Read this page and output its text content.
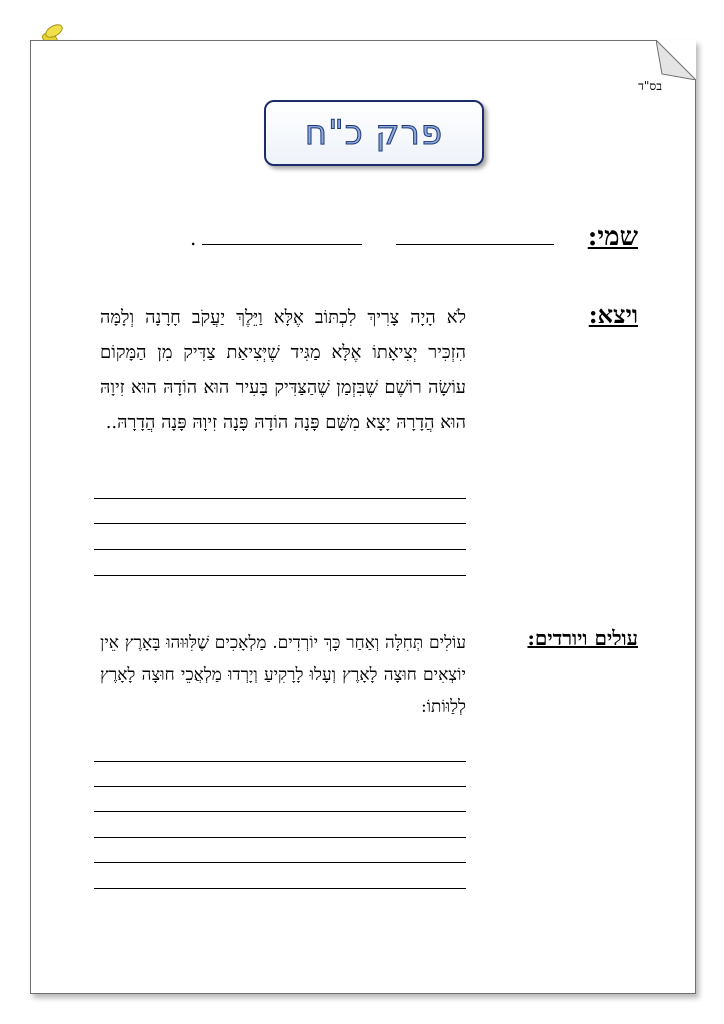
בס"ד
פרק כ"ח
שמי:
.
ויצא:
לֹא הָיָה צָרִיךְ לִכְתּוֹב אֶלָּא וַיֵּלֶךְ יַעֲקֹב חָרָנָה וְלָמָּה הִזְכִּיר יְצִיאָתוֹ אֶלָּא מַגִּיד שֶׁיְּצִיאַת צַדִּיק מִן הַמָּקוֹם עוֹשָׂה רוֹשֶׁם שֶׁבִּזְמַן שֶׁהַצַּדִּיק בָּעִיר הוּא הוֹדָהּ הוּא זִיוָהּ הוּא הֲדָרָהּ יָצָא מִשָּׁם פָּנָה הוֹדָהּ פָּנָה זִיוָהּ פָּנָה הֲדָרָהּ..
עולים ויורדים:
עוֹלִים תְּחִלָּה וְאַחַר כָּךְ יוֹרְדִים. מַלְאָכִים שֶׁלִּוּוּהוּ בָּאָרֶץ אֵין יוֹצְאִים חוּצָה לָאָרֶץ וְעָלוּ לָרָקִיעַ וְיָרְדוּ מַלְאֲכֵי חוּצָה לָאָרֶץ לְלַוּוֹתוֹ:
